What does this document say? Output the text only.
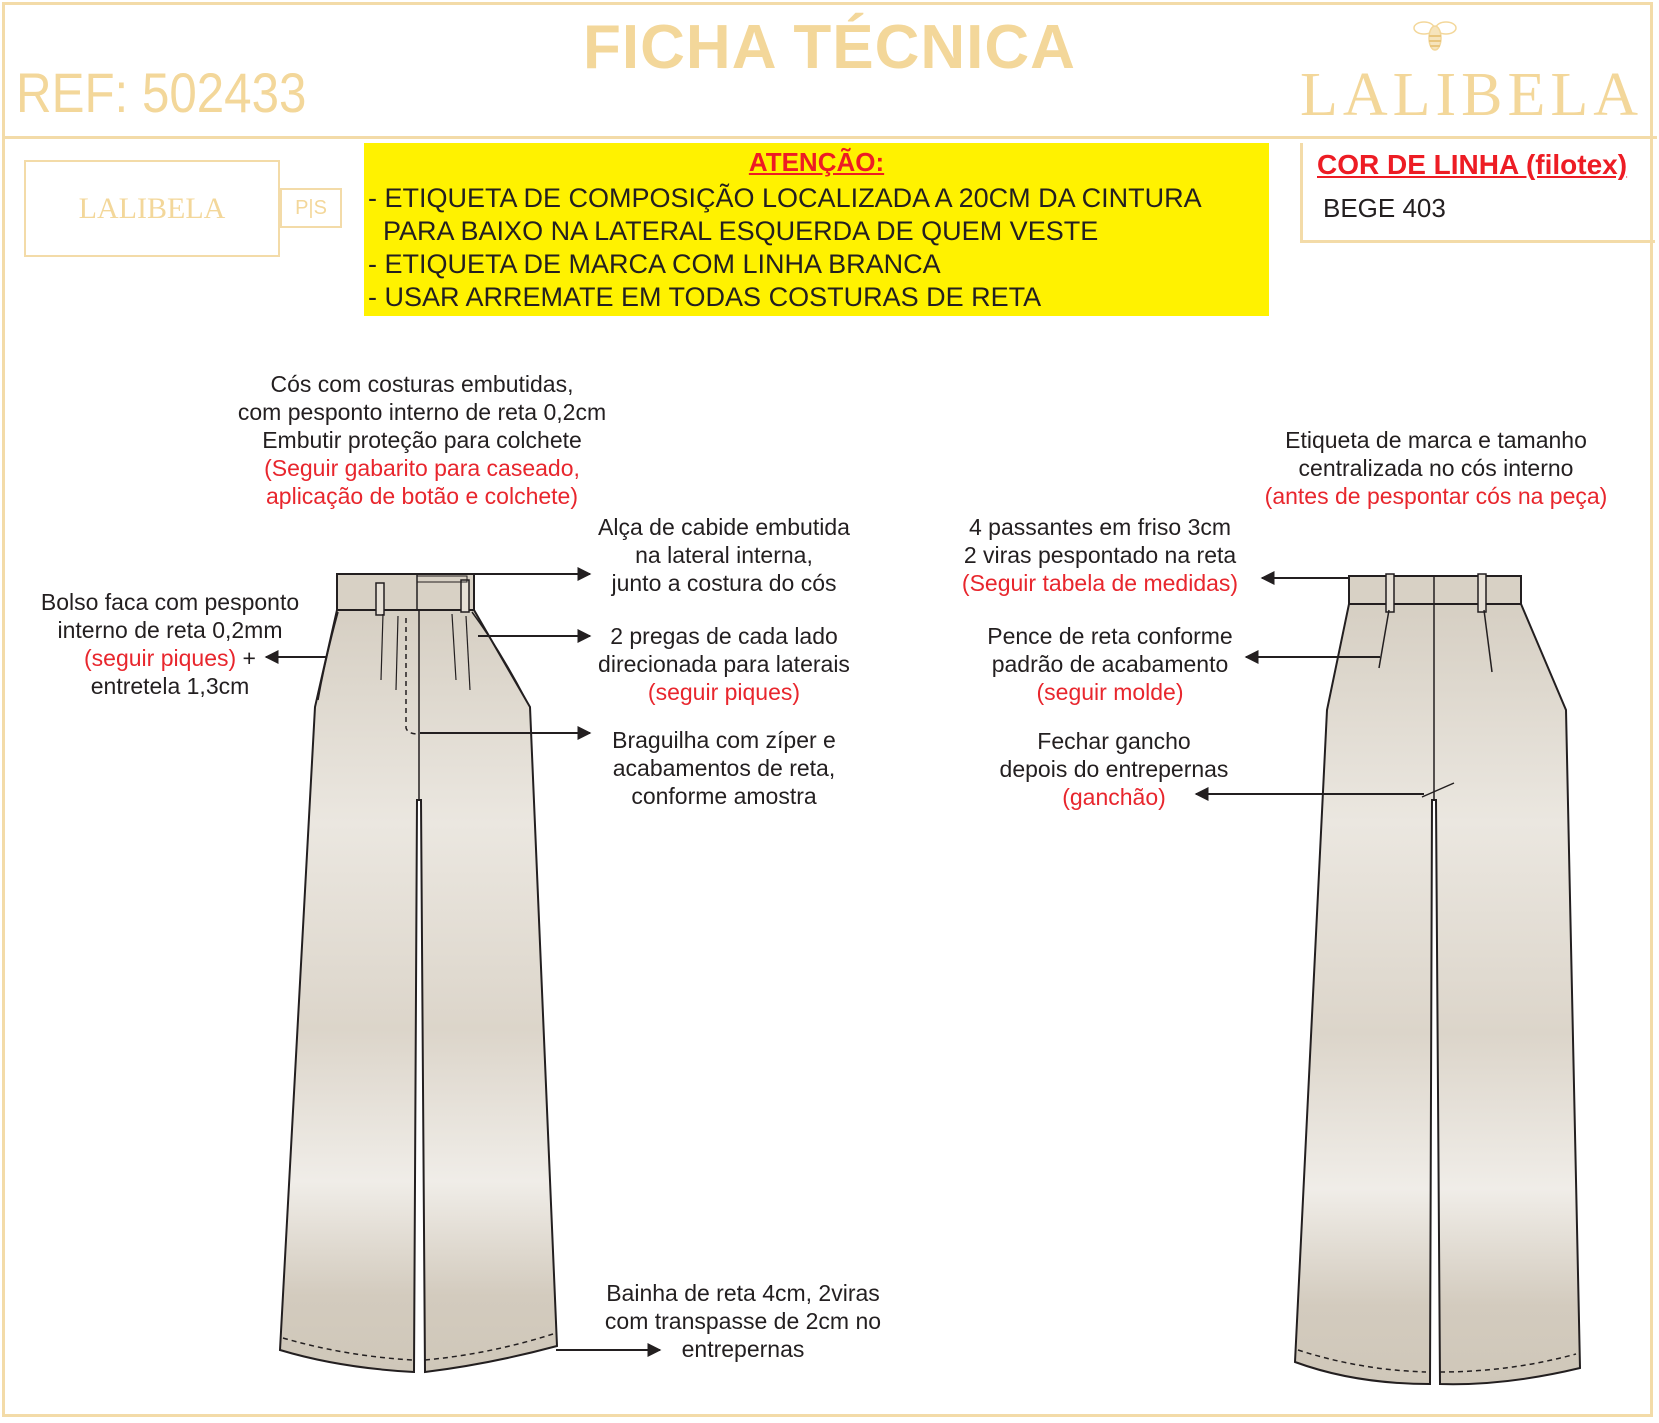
FICHA TÉCNICA
REF: 502433	LALIBELA
LALIBELA	P|S
ATENÇÃO:
- ETIQUETA DE COMPOSIÇÃO LOCALIZADA A 20CM DA CINTURA
PARA BAIXO NA LATERAL ESQUERDA DE QUEM VESTE
- ETIQUETA DE MARCA COM LINHA BRANCA
- USAR ARREMATE EM TODAS COSTURAS DE RETA
COR DE LINHA (filotex)
BEGE 403
Cós com costuras embutidas,
com pesponto interno de reta 0,2cm
Embutir proteção para colchete
(Seguir gabarito para caseado,
aplicação de botão e colchete)
Alça de cabide embutida
na lateral interna,
junto a costura do cós
Bolso faca com pesponto
interno de reta 0,2mm
(seguir piques) +
entretela 1,3cm
2 pregas de cada lado
direcionada para laterais
(seguir piques)
Braguilha com zíper e
acabamentos de reta,
conforme amostra
Bainha de reta 4cm, 2viras
com transpasse de 2cm no
entrepernas
Etiqueta de marca e tamanho
centralizada no cós interno
(antes de pespontar cós na peça)
4 passantes em friso 3cm
2 viras pespontado na reta
(Seguir tabela de medidas)
Pence de reta conforme
padrão de acabamento
(seguir molde)
Fechar gancho
depois do entrepernas
(ganchão)
